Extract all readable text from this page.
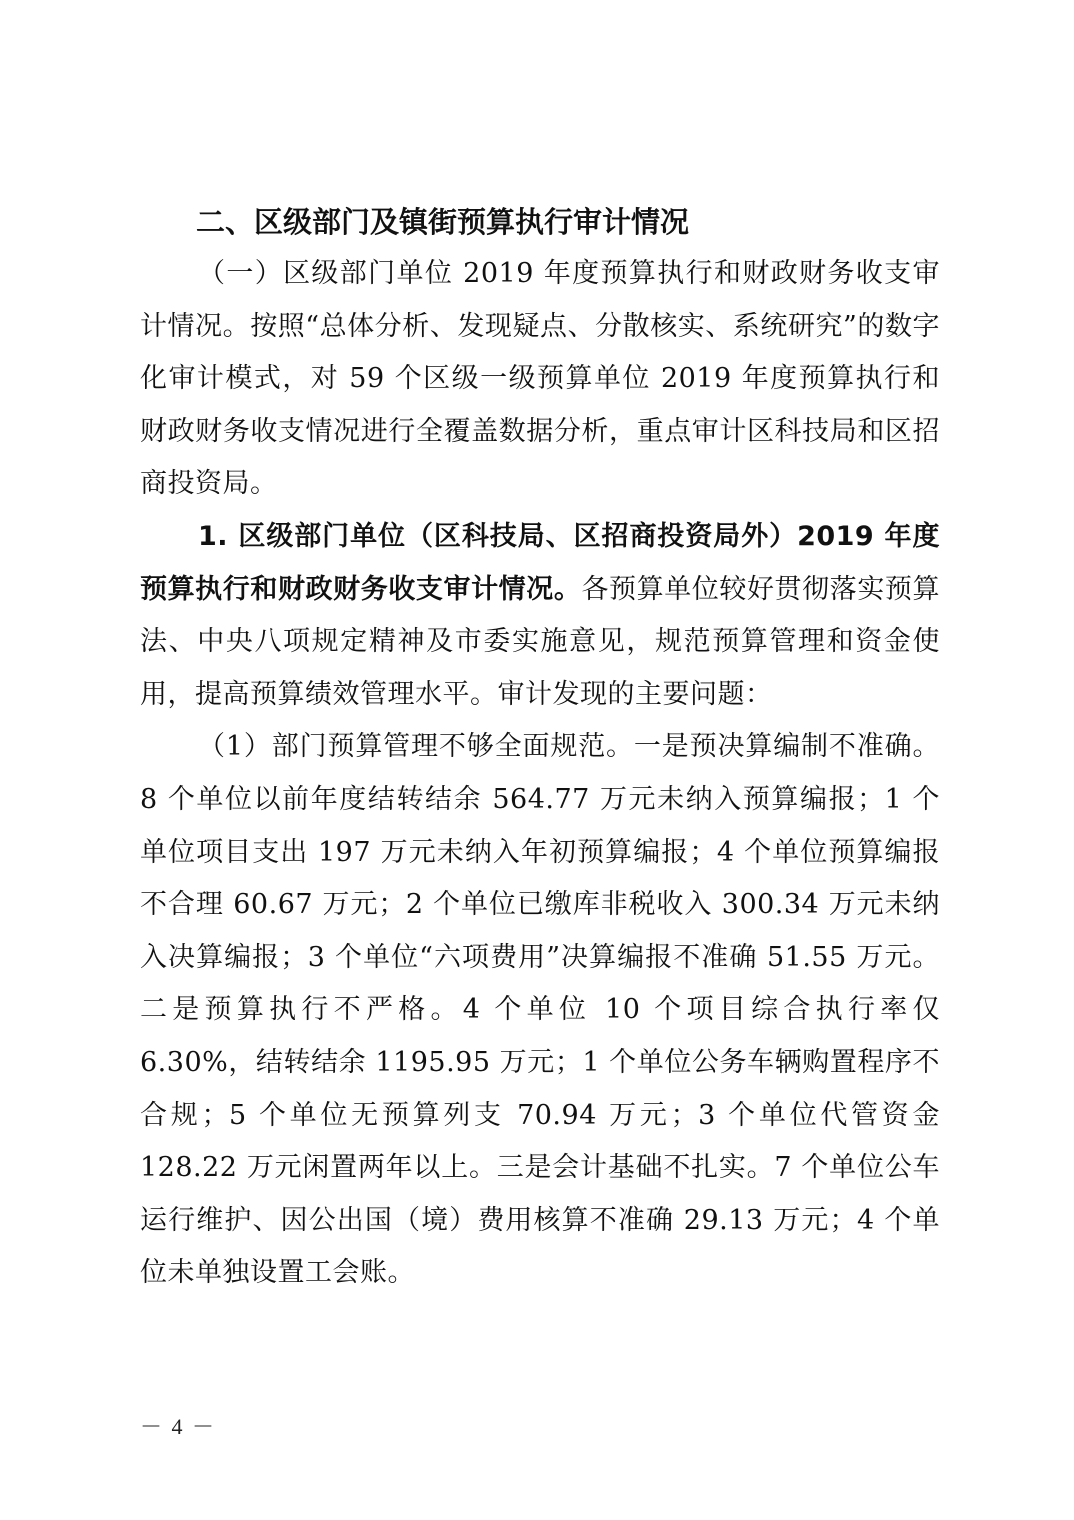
二、区级部门及镇街预算执行审计情况

（一）区级部门单位 2019 年度预算执行和财政财务收支审计情况。按照“总体分析、发现疑点、分散核实、系统研究”的数字化审计模式，对 59 个区级一级预算单位 2019 年度预算执行和财政财务收支情况进行全覆盖数据分析，重点审计区科技局和区招商投资局。

1. 区级部门单位（区科技局、区招商投资局外）2019 年度预算执行和财政财务收支审计情况。各预算单位较好贯彻落实预算法、中央八项规定精神及市委实施意见，规范预算管理和资金使用，提高预算绩效管理水平。审计发现的主要问题：

（1）部门预算管理不够全面规范。一是预决算编制不准确。8 个单位以前年度结转结余 564.77 万元未纳入预算编报；1 个单位项目支出 197 万元未纳入年初预算编报；4 个单位预算编报不合理 60.67 万元；2 个单位已缴库非税收入 300.34 万元未纳入决算编报；3 个单位“六项费用”决算编报不准确 51.55 万元。二是预算执行不严格。4 个单位 10 个项目综合执行率仅 6.30%，结转结余 1195.95 万元；1 个单位公务车辆购置程序不合规；5 个单位无预算列支 70.94 万元；3 个单位代管资金 128.22 万元闲置两年以上。三是会计基础不扎实。7 个单位公车运行维护、因公出国（境）费用核算不准确 29.13 万元；4 个单位未单独设置工会账。

－ 4 －
